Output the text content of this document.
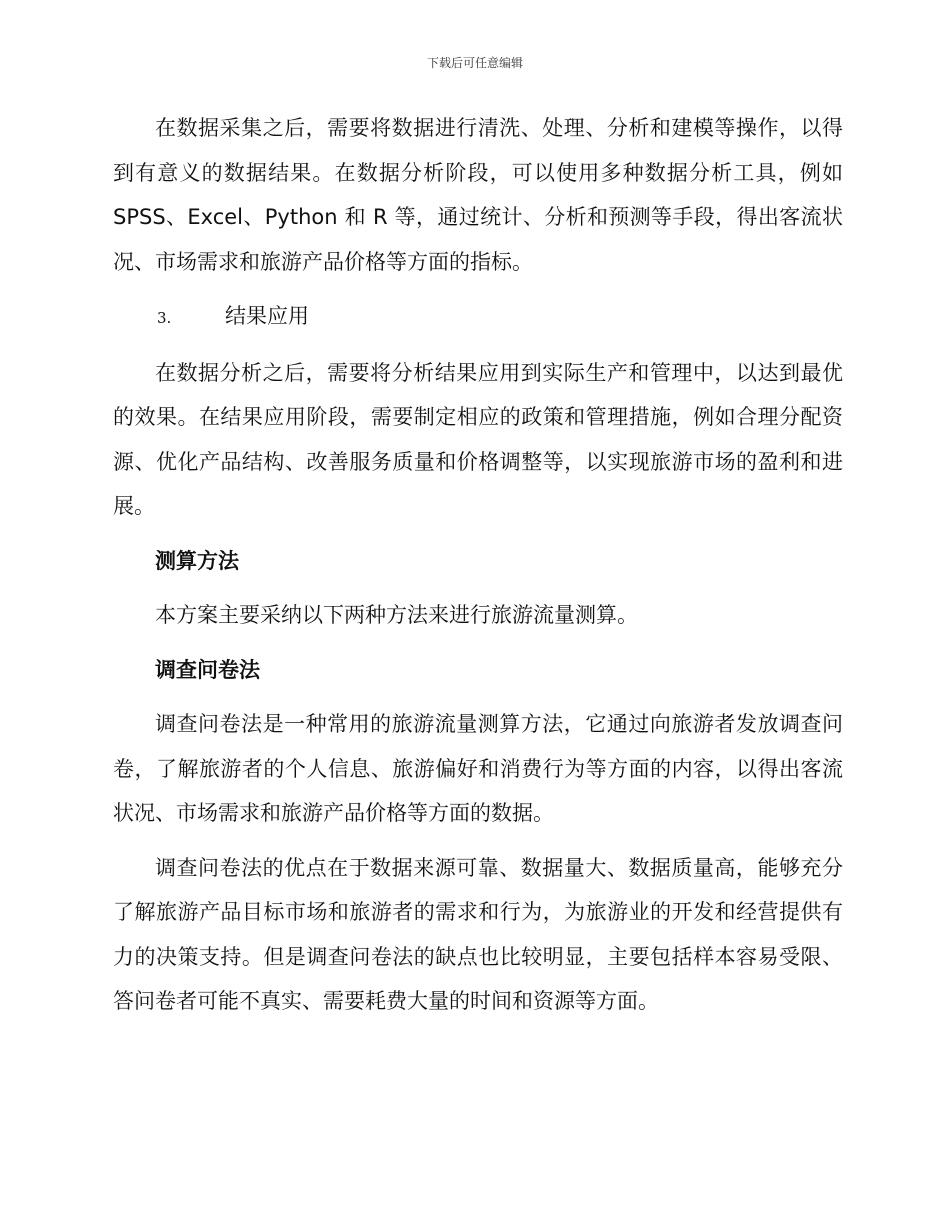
下载后可任意编辑

在数据采集之后，需要将数据进行清洗、处理、分析和建模等操作，以得到有意义的数据结果。在数据分析阶段，可以使用多种数据分析工具，例如 SPSS、Excel、Python 和 R 等，通过统计、分析和预测等手段，得出客流状况、市场需求和旅游产品价格等方面的指标。

3.	结果应用

在数据分析之后，需要将分析结果应用到实际生产和管理中，以达到最优的效果。在结果应用阶段，需要制定相应的政策和管理措施，例如合理分配资源、优化产品结构、改善服务质量和价格调整等，以实现旅游市场的盈利和进展。

测算方法

本方案主要采纳以下两种方法来进行旅游流量测算。

调查问卷法

调查问卷法是一种常用的旅游流量测算方法，它通过向旅游者发放调查问卷，了解旅游者的个人信息、旅游偏好和消费行为等方面的内容，以得出客流状况、市场需求和旅游产品价格等方面的数据。

调查问卷法的优点在于数据来源可靠、数据量大、数据质量高，能够充分了解旅游产品目标市场和旅游者的需求和行为，为旅游业的开发和经营提供有力的决策支持。但是调查问卷法的缺点也比较明显，主要包括样本容易受限、答问卷者可能不真实、需要耗费大量的时间和资源等方面。
